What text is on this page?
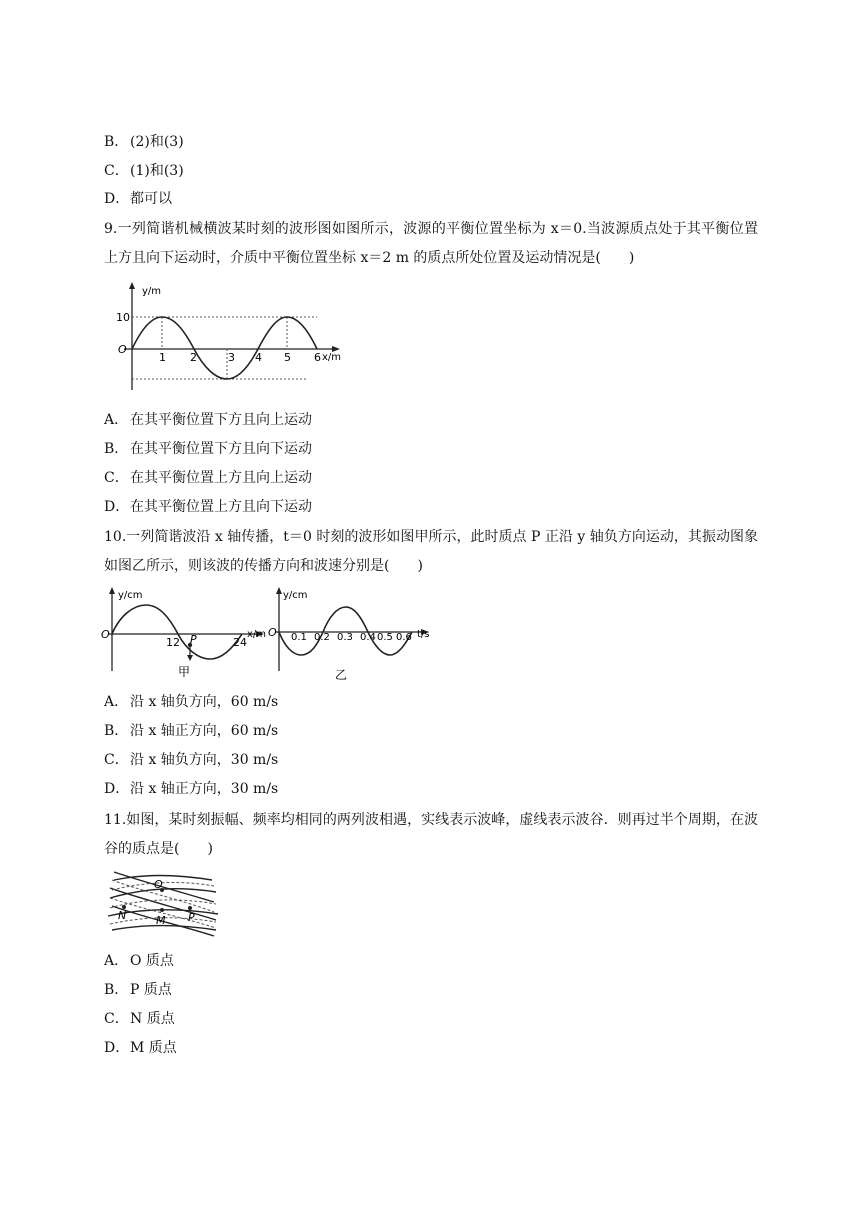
B． (2)和(3)
C．(1)和(3)
D．都可以
9.一列简谐机械横波某时刻的波形图如图所示，波源的平衡位置坐标为 x＝0.当波源质点处于其平衡位置上方且向下运动时，介质中平衡位置坐标 x＝2 m 的质点所处位置及运动情况是(　　)
y/m
10
O
1 2	3 4 5 6 x/m
A． 在其平衡位置下方且向上运动
B． 在其平衡位置下方且向下运动
C．在其平衡位置上方且向上运动
D．在其平衡位置上方且向下运动
10.一列简谐波沿 x 轴传播，t＝0 时刻的波形如图甲所示，此时质点 P 正沿 y 轴负方向运动，其振动图象如图乙所示，则该波的传播方向和波速分别是(　　)
y/cm
O
12 P	24
x/m
甲
y/cm
O 0.1 0.2 0.3 0.4 0.5 0.6 t/s
乙
A． 沿 x 轴负方向，60 m/s
B． 沿 x 轴正方向，60 m/s
C．沿 x 轴负方向，30 m/s
D．沿 x 轴正方向，30 m/s
11.如图，某时刻振幅、频率均相同的两列波相遇，实线表示波峰，虚线表示波谷．则再过半个周期，在波谷的质点是(　　)
O
N	M P
A． O 质点
B． P 质点
C．N 质点
D．M 质点
